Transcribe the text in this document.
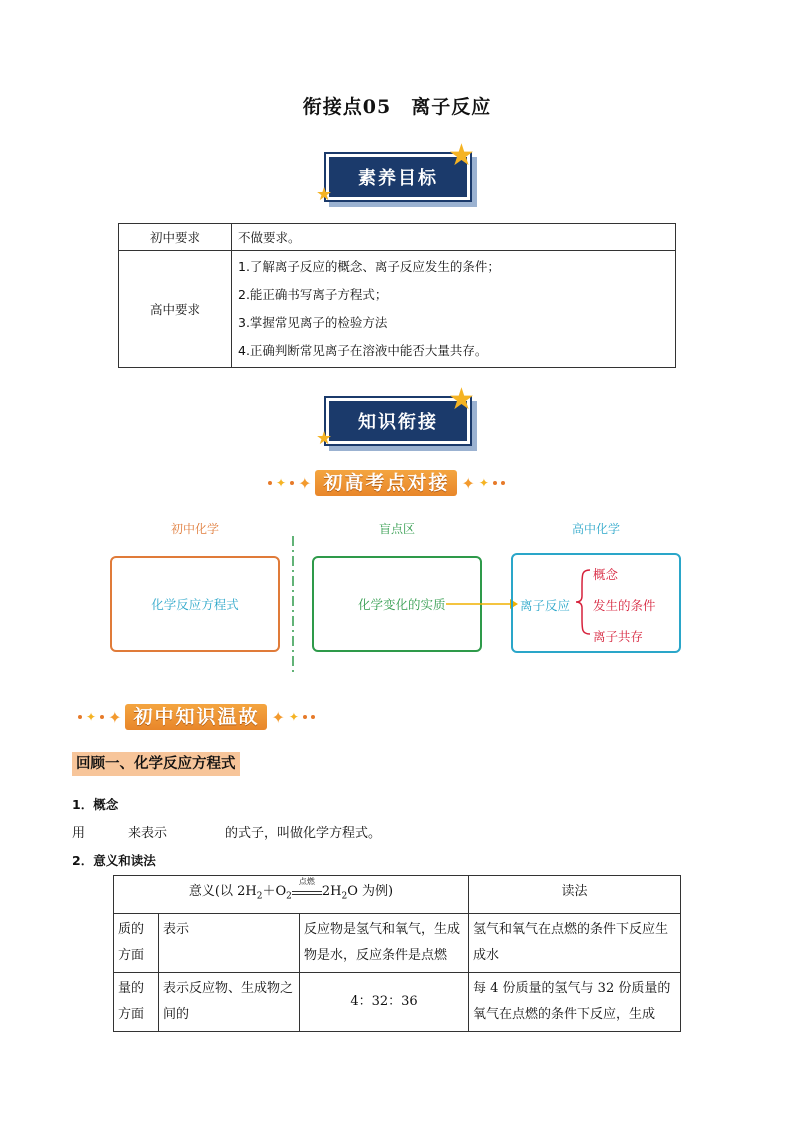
衔接点05　离子反应
素养目标
★
★
初中要求	不做要求。
高中要求	1.了解离子反应的概念、离子反应发生的条件；
2.能正确书写离子方程式；
3.掌握常见离子的检验方法
4.正确判断常见离子在溶液中能否大量共存。
知识衔接
★
★
✦ ✦ 初高考点对接 ✦ ✦
初中化学	盲点区	高中化学
化学反应方程式	化学变化的实质	离子反应
概念
发生的条件
离子共存
✦ ✦ 初中知识温故 ✦ ✦
回顾一、化学反应方程式
1．概念
用	来表示	的式子，叫做化学方程式。
2．意义和读法
意义(以 $2H_2+O_2$
点燃
$2H_2O$ 为例)			读法
质的方面	表示	反应物是氢气和氧气，生成物是水，反应条件是点燃	氢气和氧气在点燃的条件下反应生成水
量的方面	表示反应物、生成物之间的	4：32：36	每 4 份质量的氢气与 32 份质量的氧气在点燃的条件下反应，生成
